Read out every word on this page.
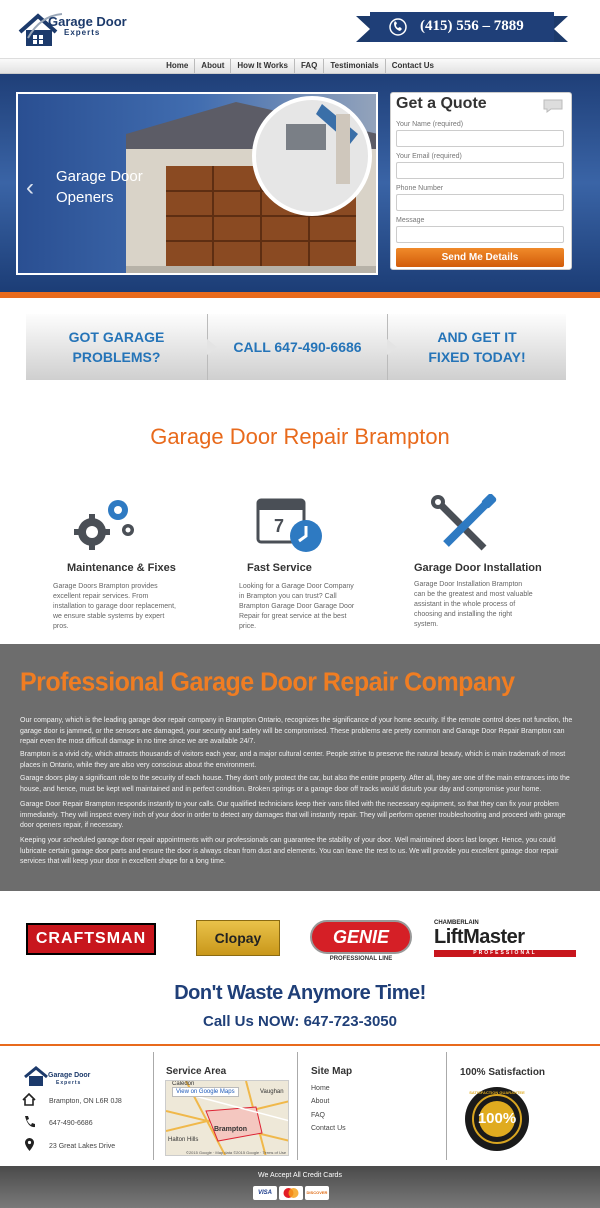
Garage Door
Experts	(415) 556 – 7889
Home	About	How It Works	FAQ	Testimonials	Contact Us
‹ Garage Door Openers
Get a Quote
Your Name (required)
Your Email (required)
Phone Number
Message
Send Me Details
GOT GARAGE PROBLEMS?
CALL 647-490-6686
AND GET IT FIXED TODAY!
Garage Door Repair Brampton
Maintenance & Fixes
Garage Doors Brampton provides excellent repair services. From installation to garage door replacement, we ensure stable systems by expert pros.
7
Fast Service
Looking for a Garage Door Company in Brampton you can trust? Call Brampton Garage Door Garage Door Repair for great service at the best price.
Garage Door Installation
Garage Door Installation Brampton can be the greatest and most valuable assistant in the whole process of choosing and installing the right system.
Professional Garage Door Repair Company
Our company, which is the leading garage door repair company in Brampton Ontario, recognizes the significance of your home security. If the remote control does not function, the garage door is jammed, or the sensors are damaged, your security and safety will be compromised. These problems are pretty common and Garage Door Repair Brampton can repair even the most difficult damage in no time since we are available 24/7.
Brampton is a vivid city, which attracts thousands of visitors each year, and a major cultural center. People strive to preserve the natural beauty, which is main trademark of most places in Ontario, while they are also very conscious about the environment.
Garage doors play a significant role to the security of each house. They don't only protect the car, but also the entire property. After all, they are one of the main entrances into the house, and hence, must be kept well maintained and in perfect condition. Broken springs or a garage door off tracks would disturb your day and compromise your home.
Garage Door Repair Brampton responds instantly to your calls. Our qualified technicians keep their vans filled with the necessary equipment, so that they can fix your problem immediately. They will inspect every inch of your door in order to detect any damages that will instantly repair. They will perform opener troubleshooting and proceed with garage door openers repair, if necessary.
Keeping your scheduled garage door repair appointments with our professionals can guarantee the stability of your door. Well maintained doors last longer. Hence, you could lubricate certain garage door parts and ensure the door is always clean from dust and elements. You can leave the rest to us. We will provide you excellent garage door repair services that will keep your door in excellent shape for a long time.
CRAFTSMAN	Clopay	GENIE
PROFESSIONAL LINE
CHAMBERLAIN
LiftMaster
PROFESSIONAL
Don't Waste Anymore Time!
Call Us NOW: 647-723-3050
Garage Door
Experts
Brampton, ON L6R 0J8
647-490-6686
23 Great Lakes Drive
Service Area
View on Google Maps
Caledon
Vaughan
Brampton
Halton Hills
©2015 Google · Map data ©2015 Google · Terms of Use
Site Map
Home
About
FAQ
Contact Us
100% Satisfaction
100%
SATISFACTION GUARANTEE
We Accept All Credit Cards
VISA	DISCOVER
